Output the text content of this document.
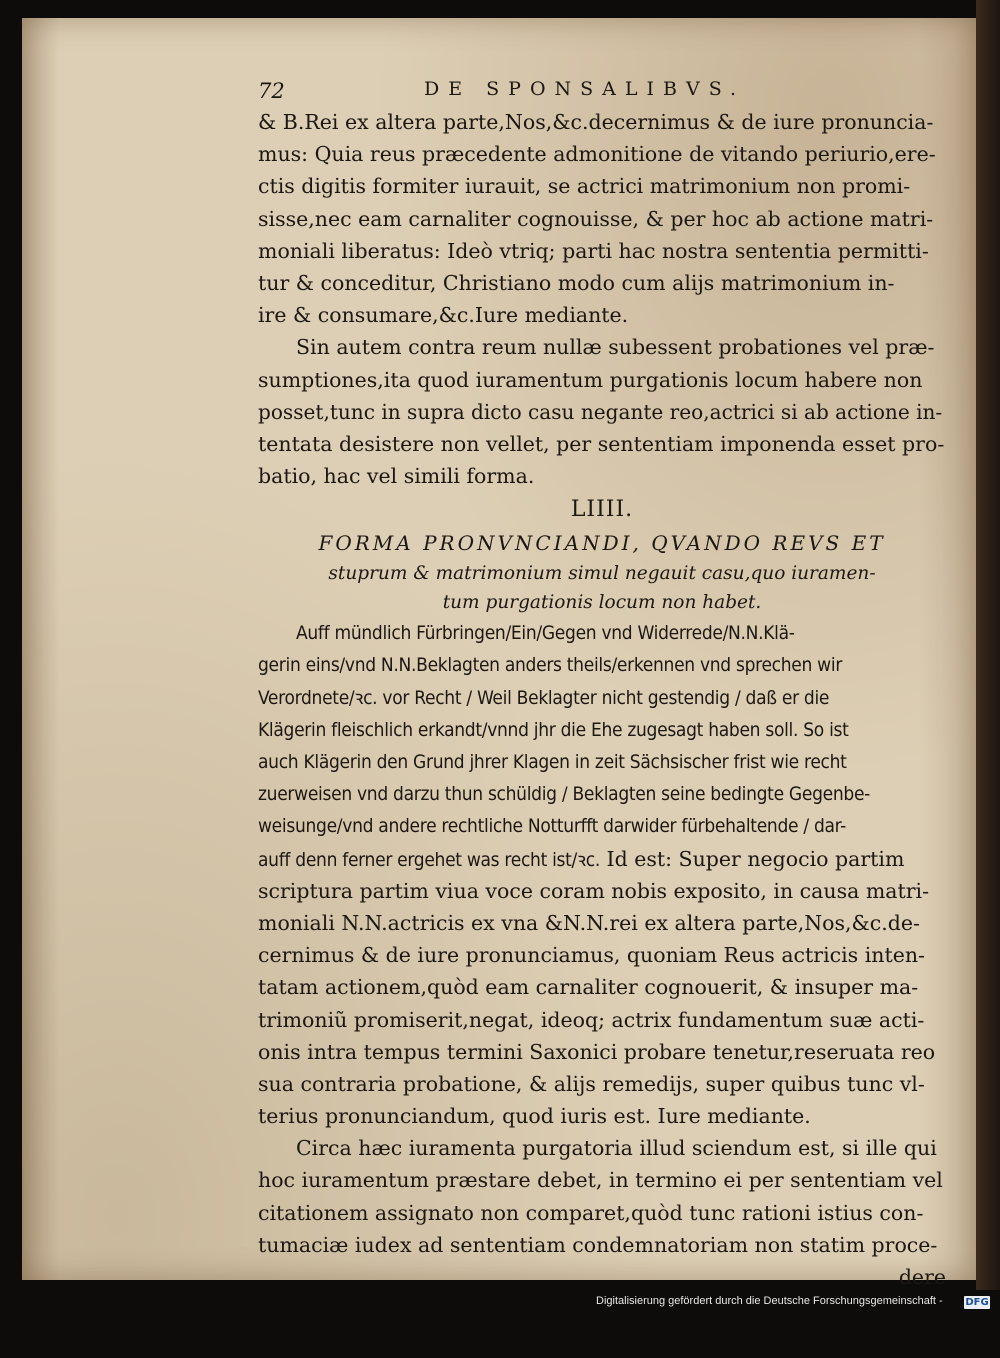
72

	DE SPONSALIBVS.

& B.Rei ex altera parte,Nos,&c.decernimus & de iure pronuncia-
mus: Quia reus præcedente admonitione de vitando periurio,ere-
ctis digitis formiter iurauit, se actrici matrimonium non promi-
sisse,nec eam carnaliter cognouisse, & per hoc ab actione matri-
moniali liberatus: Ideò vtriq; parti hac nostra sententia permitti-
tur & conceditur, Christiano modo cum alijs matrimonium in-
ire & consumare,&c.Iure mediante.
Sin autem contra reum nullæ subessent probationes vel præ-
sumptiones,ita quod iuramentum purgationis locum habere non
posset,tunc in supra dicto casu negante reo,actrici si ab actione in-
tentata desistere non vellet, per sententiam imponenda esset pro-
batio, hac vel simili forma.
LIIII.
FORMA PRONVNCIANDI, QVANDO REVS ET
stuprum & matrimonium simul negauit casu,quo iuramen-
tum purgationis locum non habet.
Auff mündlich Fürbringen/Ein/Gegen vnd Widerrede/N.N.Klä-
gerin eins/vnd N.N.Beklagten anders theils/erkennen vnd sprechen wir
Verordnete/ꝛc. vor Recht / Weil Beklagter nicht gestendig / daß er die
Klägerin fleischlich erkandt/vnnd jhr die Ehe zugesagt haben soll. So ist
auch Klägerin den Grund jhrer Klagen in zeit Sächsischer frist wie recht
zuerweisen vnd darzu thun schüldig / Beklagten seine bedingte Gegenbe-
weisunge/vnd andere rechtliche Notturfft darwider fürbehaltende / dar-
auff denn ferner ergehet was recht ist/ꝛc. Id est: Super negocio partim
scriptura partim viua voce coram nobis exposito, in causa matri-
moniali N.N.actricis ex vna &N.N.rei ex altera parte,Nos,&c.de-
cernimus & de iure pronunciamus, quoniam Reus actricis inten-
tatam actionem,quòd eam carnaliter cognouerit, & insuper ma-
trimoniũ promiserit,negat, ideoq; actrix fundamentum suæ acti-
onis intra tempus termini Saxonici probare tenetur,reseruata reo
sua contraria probatione, & alijs remedijs, super quibus tunc vl-
terius pronunciandum, quod iuris est. Iure mediante.
Circa hæc iuramenta purgatoria illud sciendum est, si ille qui
hoc iuramentum præstare debet, in termino ei per sententiam vel
citationem assignato non comparet,quòd tunc rationi istius con-
tumaciæ iudex ad sententiam condemnatoriam non statim proce-

dere

Digitalisierung gefördert durch die Deutsche Forschungsgemeinschaft - DFG
